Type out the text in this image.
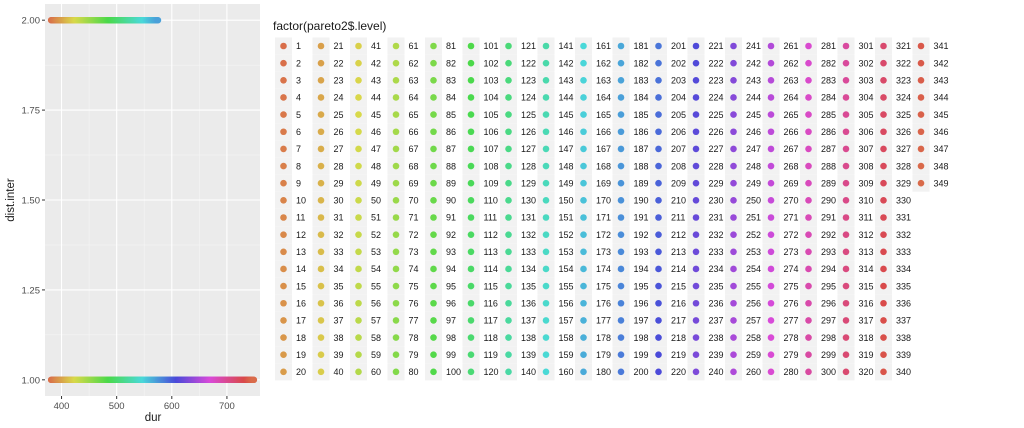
1.00
1.25
1.50
1.75
2.00
400	500	600	700
dur
dist.inter
factor(pareto2$.level)
1
2
3
4
5
6
7
8
9
10
11
12
13
14
15
16
17
18
19
20
21
22
23
24
25
26
27
28
29
30
31
32
33
34
35
36
37
38
39
40
41
42
43
44
45
46
47
48
49
50
51
52
53
54
55
56
57
58
59
60
61
62
63
64
65
66
67
68
69
70
71
72
73
74
75
76
77
78
79
80
81
82
83
84
85
86
87
88
89
90
91
92
93
94
95
96
97
98
99
100
101
102
103
104
105
106
107
108
109
110
111
112
113
114
115
116
117
118
119
120
121
122
123
124
125
126
127
128
129
130
131
132
133
134
135
136
137
138
139
140
141
142
143
144
145
146
147
148
149
150
151
152
153
154
155
156
157
158
159
160
161
162
163
164
165
166
167
168
169
170
171
172
173
174
175
176
177
178
179
180
181
182
183
184
185
186
187
188
189
190
191
192
193
194
195
196
197
198
199
200
201
202
203
204
205
206
207
208
209
210
211
212
213
214
215
216
217
218
219
220
221
222
223
224
225
226
227
228
229
230
231
232
233
234
235
236
237
238
239
240
241
242
243
244
245
246
247
248
249
250
251
252
253
254
255
256
257
258
259
260
261
262
263
264
265
266
267
268
269
270
271
272
273
274
275
276
277
278
279
280
281
282
283
284
285
286
287
288
289
290
291
292
293
294
295
296
297
298
299
300
301
302
303
304
305
306
307
308
309
310
311
312
313
314
315
316
317
318
319
320
321
322
323
324
325
326
327
328
329
330
331
332
333
334
335
336
337
338
339
340
341
342
343
344
345
346
347
348
349
